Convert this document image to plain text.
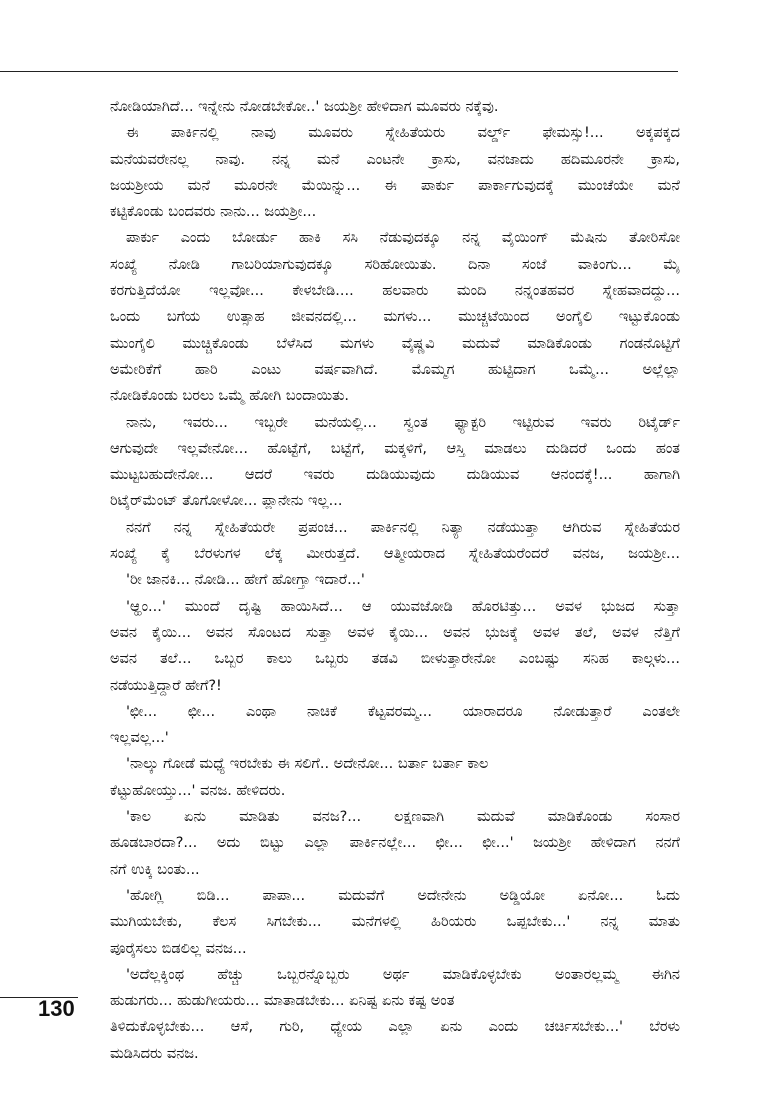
ನೋಡಿಯಾಗಿದೆ... ಇನ್ನೇನು ನೋಡಬೇಕೋ..' ಜಯಶ್ರೀ ಹೇಳಿದಾಗ ಮೂವರು ನಕ್ಕೆವು.
ಈ ಪಾರ್ಕಿನಲ್ಲಿ ನಾವು ಮೂವರು ಸ್ನೇಹಿತೆಯರು ವರ್ಲ್ಡ್ ಫೇಮಸ್ಸು!... ಅಕ್ಕಪಕ್ಕದ
ಮನೆಯವರೇನಲ್ಲ ನಾವು. ನನ್ನ ಮನೆ ಎಂಟನೇ ಕ್ರಾಸು, ವನಜಾದು ಹದಿಮೂರನೇ ಕ್ರಾಸು,
ಜಯಶ್ರೀಯ ಮನೆ ಮೂರನೇ ಮೆಯಿನ್ನು... ಈ ಪಾರ್ಕು ಪಾರ್ಕಾಗುವುದಕ್ಕೆ ಮುಂಚೆಯೇ ಮನೆ
ಕಟ್ಟಿಕೊಂಡು ಬಂದವರು ನಾನು... ಜಯಶ್ರೀ...
ಪಾರ್ಕು ಎಂದು ಬೋರ್ಡು ಹಾಕಿ ಸಸಿ ನೆಡುವುದಕ್ಕೂ ನನ್ನ ವೈಯಿಂಗ್ ಮೆಷಿನು ತೋರಿಸೋ
ಸಂಖ್ಯೆ ನೋಡಿ ಗಾಬರಿಯಾಗುವುದಕ್ಕೂ ಸರಿಹೋಯಿತು. ದಿನಾ ಸಂಜೆ ವಾಕಿಂಗು... ಮೈ
ಕರಗುತ್ತಿದೆಯೋ ಇಲ್ಲವೋ... ಕೇಳಬೇಡಿ.... ಹಲವಾರು ಮಂದಿ ನನ್ನಂತಹವರ ಸ್ನೇಹವಾದದ್ದು...
ಒಂದು ಬಗೆಯ ಉತ್ಸಾಹ ಜೀವನದಲ್ಲಿ... ಮಗಳು... ಮುಚ್ಚಟೆಯಿಂದ ಅಂಗೈಲಿ ಇಟ್ಟುಕೊಂಡು
ಮುಂಗೈಲಿ ಮುಚ್ಚಿಕೊಂಡು ಬೆಳೆಸಿದ ಮಗಳು ವೈಷ್ಣವಿ ಮದುವೆ ಮಾಡಿಕೊಂಡು ಗಂಡನೊಟ್ಟಿಗೆ
ಅಮೇರಿಕೆಗೆ ಹಾರಿ ಎಂಟು ವರ್ಷವಾಗಿದೆ. ಮೊಮ್ಮಗ ಹುಟ್ಟಿದಾಗ ಒಮ್ಮೆ... ಅಲ್ಲೆಲ್ಲಾ
ನೋಡಿಕೊಂಡು ಬರಲು ಒಮ್ಮೆ ಹೋಗಿ ಬಂದಾಯಿತು.
ನಾನು, ಇವರು... ಇಬ್ಬರೇ ಮನೆಯಲ್ಲಿ... ಸ್ವಂತ ಫ್ಯಾಕ್ಟರಿ ಇಟ್ಟಿರುವ ಇವರು ರಿಟೈರ್ಡ್
ಆಗುವುದೇ ಇಲ್ಲವೇನೋ... ಹೊಟ್ಟೆಗೆ, ಬಟ್ಟೆಗೆ, ಮಕ್ಕಳಿಗೆ, ಆಸ್ತಿ ಮಾಡಲು ದುಡಿದರೆ ಒಂದು ಹಂತ
ಮುಟ್ಟಬಹುದೇನೋ... ಆದರೆ ಇವರು ದುಡಿಯುವುದು ದುಡಿಯುವ ಆನಂದಕ್ಕೆ!... ಹಾಗಾಗಿ
ರಿಟೈರ್‌ಮೆಂಟ್ ತೊಗೋಳೋ... ಪ್ಲಾನೇನು ಇಲ್ಲ...
ನನಗೆ ನನ್ನ ಸ್ನೇಹಿತೆಯರೇ ಪ್ರಪಂಚ... ಪಾರ್ಕಿನಲ್ಲಿ ನಿತ್ಯಾ ನಡೆಯುತ್ತಾ ಆಗಿರುವ ಸ್ನೇಹಿತೆಯರ
ಸಂಖ್ಯೆ ಕೈ ಬೆರಳುಗಳ ಲೆಕ್ಕ ಮೀರುತ್ತದೆ. ಆತ್ಮೀಯರಾದ ಸ್ನೇಹಿತೆಯರೆಂದರೆ ವನಜ, ಜಯಶ್ರೀ...
'ರೀ ಜಾನಕಿ... ನೋಡಿ... ಹೇಗೆ ಹೋಗ್ತಾ ಇದಾರೆ...'
'ಆ್ಹಂ...' ಮುಂದೆ ದೃಷ್ಟಿ ಹಾಯಿಸಿದೆ... ಆ ಯುವಜೋಡಿ ಹೊರಟಿತ್ತು... ಅವಳ ಭುಜದ ಸುತ್ತಾ
ಅವನ ಕೈಯಿ... ಅವನ ಸೊಂಟದ ಸುತ್ತಾ ಅವಳ ಕೈಯಿ... ಅವನ ಭುಜಕ್ಕೆ ಅವಳ ತಲೆ, ಅವಳ ನೆತ್ತಿಗೆ
ಅವನ ತಲೆ... ಒಬ್ಬರ ಕಾಲು ಒಬ್ಬರು ತಡವಿ ಬೀಳುತ್ತಾರೇನೋ ಎಂಬಷ್ಟು ಸನಿಹ ಕಾಲ್ಗಳು...
ನಡೆಯುತ್ತಿದ್ದಾರೆ ಹೇಗೆ?!
'ಛೀ... ಛೀ... ಎಂಥಾ ನಾಚಿಕೆ ಕೆಟ್ಟವರಮ್ಮ... ಯಾರಾದರೂ ನೋಡುತ್ತಾರೆ ಎಂತಲೇ
ಇಲ್ಲವಲ್ಲ...'
'ನಾಲ್ಕು ಗೋಡೆ ಮಧ್ಯೆ ಇರಬೇಕು ಈ ಸಲಿಗೆ.. ಅದೇನೋ... ಬರ್ತಾ ಬರ್ತಾ ಕಾಲ
ಕೆಟ್ಟುಹೋಯ್ತು...' ವನಜ. ಹೇಳಿದರು.
'ಕಾಲ ಏನು ಮಾಡಿತು ವನಜ?... ಲಕ್ಷಣವಾಗಿ ಮದುವೆ ಮಾಡಿಕೊಂಡು ಸಂಸಾರ
ಹೂಡಬಾರದಾ?... ಅದು ಬಿಟ್ಟು ಎಲ್ಲಾ ಪಾರ್ಕಿನಲ್ಲೇ... ಛೀ... ಛೀ...' ಜಯಶ್ರೀ ಹೇಳಿದಾಗ ನನಗೆ
ನಗೆ ಉಕ್ಕಿ ಬಂತು...
'ಹೋಗ್ಲಿ ಬಿಡಿ... ಪಾಪಾ... ಮದುವೆಗೆ ಅದೇನೇನು ಅಡ್ಡಿಯೋ ಏನೋ... ಓದು
ಮುಗಿಯಬೇಕು, ಕೆಲಸ ಸಿಗಬೇಕು... ಮನೆಗಳಲ್ಲಿ ಹಿರಿಯರು ಒಪ್ಪಬೇಕು...' ನನ್ನ ಮಾತು
ಪೂರೈಸಲು ಬಿಡಲಿಲ್ಲ ವನಜ...
'ಅದೆಲ್ಲಕ್ಕಿಂಥ ಹೆಚ್ಚು ಒಬ್ಬರನ್ನೊಬ್ಬರು ಅರ್ಥ ಮಾಡಿಕೊಳ್ಳಬೇಕು ಅಂತಾರಲ್ಲಮ್ಮ ಈಗಿನ
ಹುಡುಗರು... ಹುಡುಗೀಯರು... ಮಾತಾಡಬೇಕು... ಏನಿಷ್ಟ ಏನು ಕಷ್ಟ ಅಂತ
ತಿಳಿದುಕೊಳ್ಳಬೇಕು... ಆಸೆ, ಗುರಿ, ಧ್ಯೇಯ ಎಲ್ಲಾ ಏನು ಎಂದು ಚರ್ಚಿಸಬೇಕು...' ಬೆರಳು
ಮಡಿಸಿದರು ವನಜ.
130
